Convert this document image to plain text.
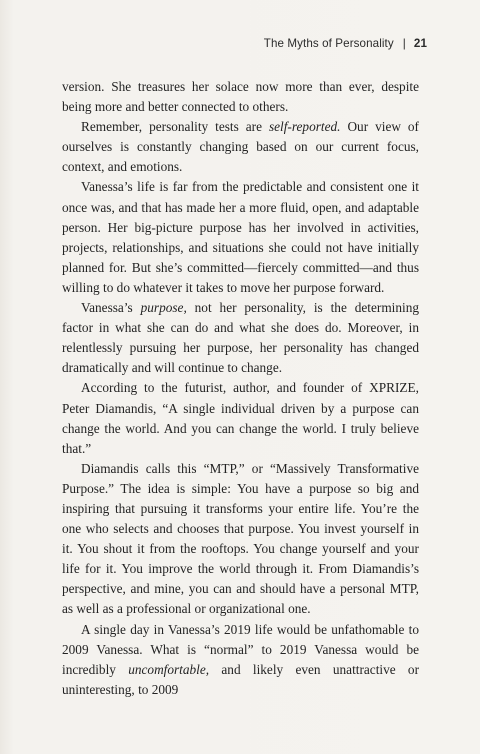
The Myths of Personality | 21

version. She treasures her solace now more than ever, despite being more and better connected to others.

Remember, personality tests are self-reported. Our view of ourselves is constantly changing based on our current focus, context, and emotions.

Vanessa’s life is far from the predictable and consistent one it once was, and that has made her a more fluid, open, and adaptable person. Her big-picture purpose has her involved in activities, projects, relationships, and situations she could not have initially planned for. But she’s committed—fiercely committed—and thus willing to do whatever it takes to move her purpose forward.

Vanessa’s purpose, not her personality, is the determining factor in what she can do and what she does do. Moreover, in relentlessly pursuing her purpose, her personality has changed dramatically and will continue to change.

According to the futurist, author, and founder of XPRIZE, Peter Diamandis, “A single individual driven by a purpose can change the world. And you can change the world. I truly believe that.”

Diamandis calls this “MTP,” or “Massively Transformative Purpose.” The idea is simple: You have a purpose so big and inspiring that pursuing it transforms your entire life. You’re the one who selects and chooses that purpose. You invest yourself in it. You shout it from the rooftops. You change yourself and your life for it. You improve the world through it. From Diamandis’s perspective, and mine, you can and should have a personal MTP, as well as a professional or organizational one.

A single day in Vanessa’s 2019 life would be unfathomable to 2009 Vanessa. What is “normal” to 2019 Vanessa would be incredibly uncomfortable, and likely even unattractive or uninteresting, to 2009
